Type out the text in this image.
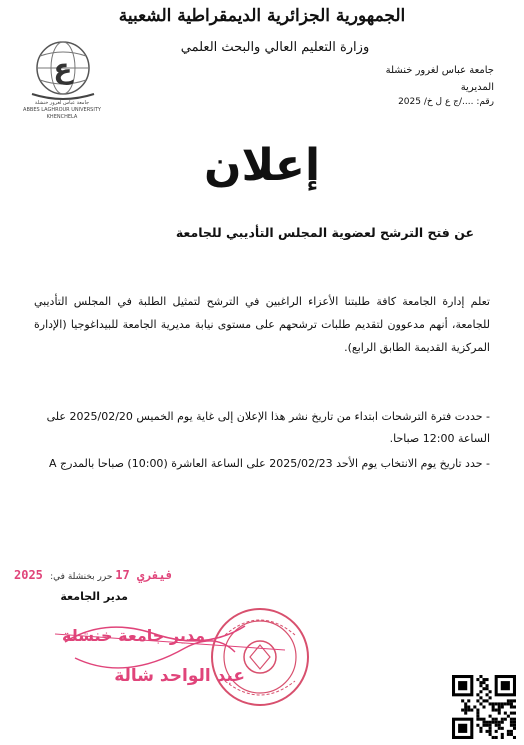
الجمهورية الجزائرية الديمقراطية الشعبية
وزارة التعليم العالي والبحث العلمي
ع
جامعة عباس لغرور خنشلة
ABBES LAGHROUR UNIVERSITY KHENCHELA
جامعة عباس لغرور خنشلة
المديرية
رقم: ..../ج ع ل خ/ 2025
إعلان
عن فتح الترشح لعضوية المجلس التأديبي للجامعة
تعلم إدارة الجامعة كافة طلبتنا الأعزاء الراغبين في الترشح لتمثيل الطلبة في المجلس التأديبي للجامعة، أنهم مدعوون لتقديم طلبات ترشحهم على مستوى نيابة مديرية الجامعة للبيداغوجيا (الإدارة المركزية القديمة الطابق الرابع).
- حددت فترة الترشحات ابتداء من تاريخ نشر هذا الإعلان إلى غاية يوم الخميس 2025/02/20 على الساعة 12:00 صباحا.
- حدد تاريخ يوم الانتخاب يوم الأحد 2025/02/23 على الساعة العاشرة (10:00) صباحا بالمدرج A
2025 فيفري 17 حرر بخنشلة في:
مدير الجامعة
مدير جامعة خنشلة
عبد الواحد شالة
